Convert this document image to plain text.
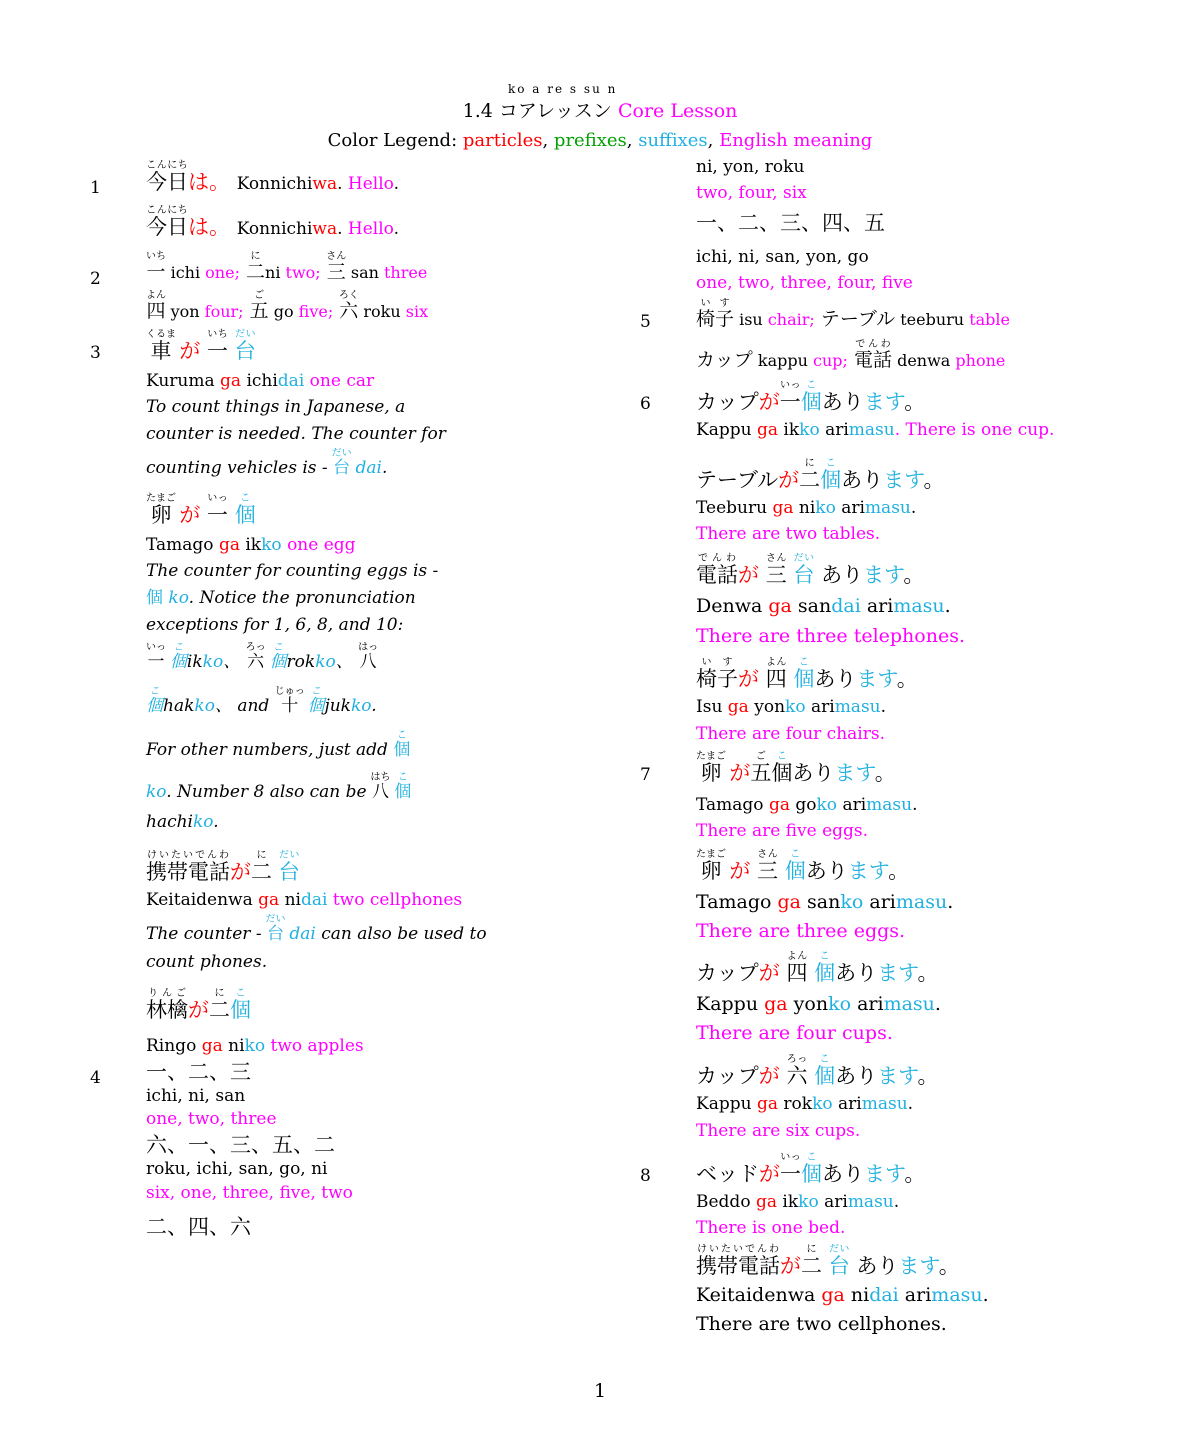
ko a re s su n
1.4 コアレッスン Core Lesson
Color Legend: particles, prefixes, suffixes, English meaning
1 今日こんにちは。 Konnichiwa. Hello.
今日こんにちは。 Konnichiwa. Hello.
2 一いち ichi one; 二にni two; 三さん san three
四よん yon four; 五ご go five; 六ろく roku six
3 車くるま が 一いち 台だい

Kuruma ga ichidai one car

To count things in Japanese, a
counter is needed. The counter for
counting vehicles is - 台だい dai.
卵たまご が 一いっ 個こ

Tamago ga ikko one egg

The counter for counting eggs is -
個 ko. Notice the pronunciation
exceptions for 1, 6, 8, and 10:
一いっ 個こikko、 六ろっ 個こrokko、 八はっ
個こhakko、 and 十じゅっ 個こjukko.
For other numbers, just add 個こ
ko. Number 8 also can be 八はち 個こ
hachiko.
携帯電話けいたいでんわが二に 台だい

Keitaidenwa ga nidai two cellphones

The counter - 台だい dai can also be used to
count phones.
林檎りんごが二に個こ

Ringo ga niko two apples

4 一、二、三

ichi, ni, san

one, two, three

六、一、三、五、二

roku, ichi, san, go, ni

six, one, three, five, two

二、四、六

ni, yon, roku

two, four, six

一、二、三、四、五

ichi, ni, san, yon, go

one, two, three, four, five

5 椅子いす isu chair; テーブル teeburu table
カップ kappu cup; 電話でんわ denwa phone
6 カップが一いっ個こあります。

Kappu ga ikko arimasu. There is one cup.

テーブルが二に個こあります。

Teeburu ga niko arimasu.

There are two tables.

電話でんわが 三さん 台だい あります。

Denwa ga sandai arimasu.

There are three telephones.

椅子いすが 四よん 個こあります。

Isu ga yonko arimasu.

There are four chairs.

7 卵たまご が五ご個こあります。

Tamago ga goko arimasu.

There are five eggs.

卵たまご が 三さん 個こあります。

Tamago ga sanko arimasu.

There are three eggs.

カップが 四よん 個こあります。

Kappu ga yonko arimasu.

There are four cups.

カップが 六ろっ 個こあります。

Kappu ga rokko arimasu.

There are six cups.

8 ベッドが一いっ個こあります。

Beddo ga ikko arimasu.

There is one bed.

携帯電話けいたいでんわが二に 台だい あります。

Keitaidenwa ga nidai arimasu.

There are two cellphones.

1
